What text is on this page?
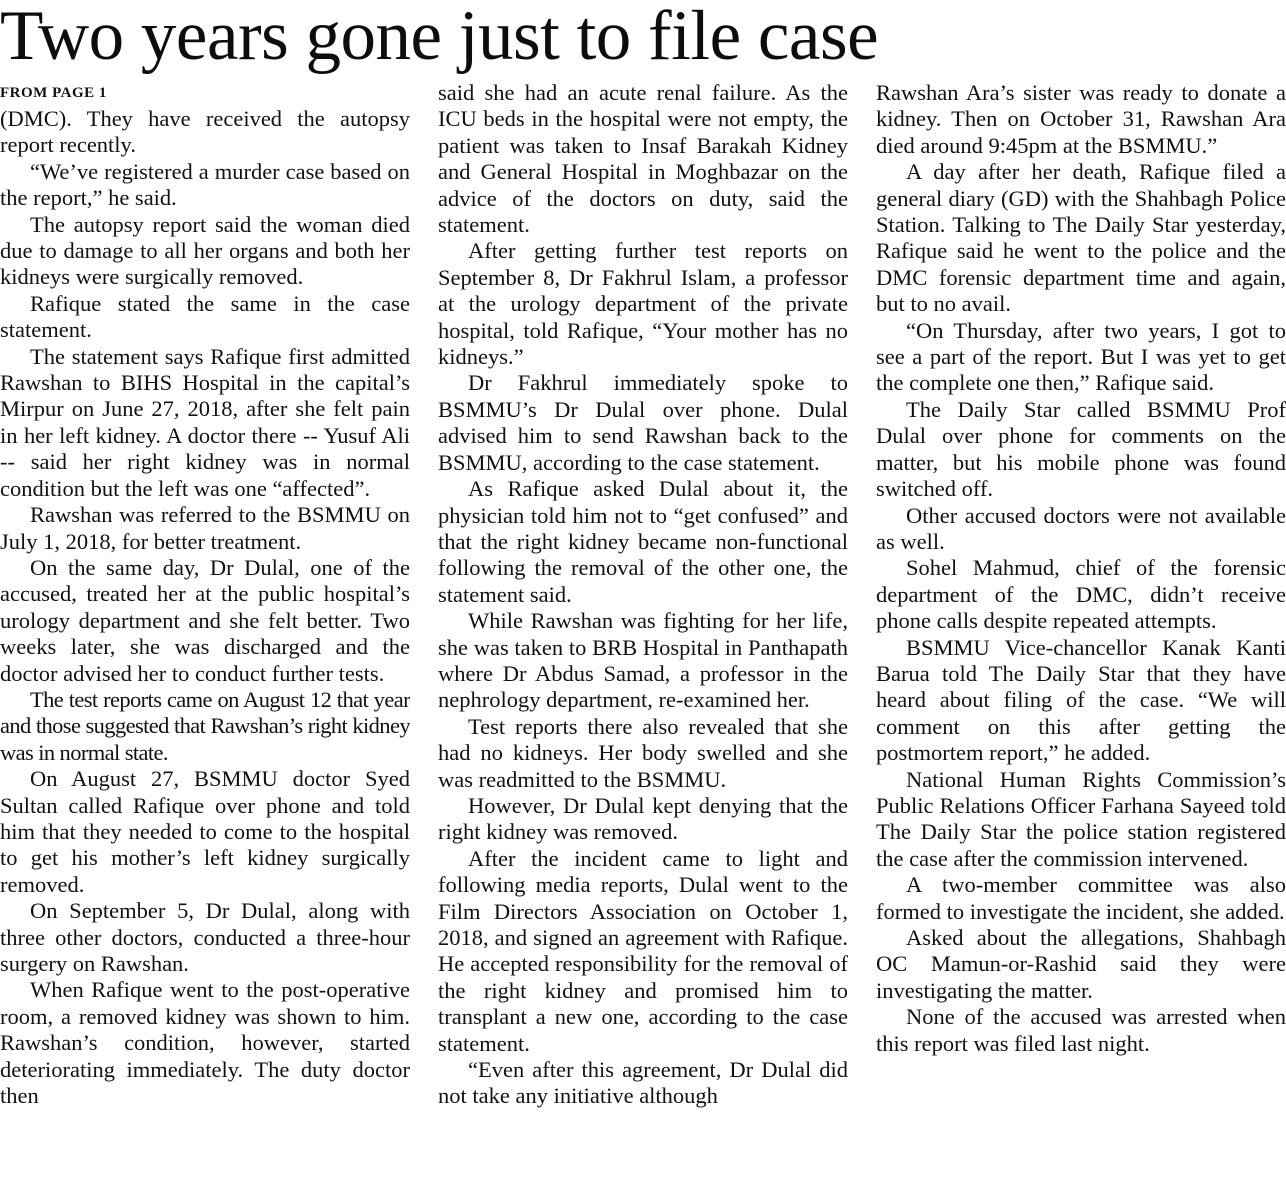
Two years gone just to file case
FROM PAGE 1

(DMC). They have received the autopsy report recently.

“We’ve registered a murder case based on the report,” he said.

The autopsy report said the woman died due to damage to all her organs and both her kidneys were surgically removed.

Rafique stated the same in the case statement.

The statement says Rafique first admitted Rawshan to BIHS Hospital in the capital’s Mirpur on June 27, 2018, after she felt pain in her left kidney. A doctor there -- Yusuf Ali -- said her right kidney was in normal condition but the left was one “affected”.

Rawshan was referred to the BSMMU on July 1, 2018, for better treatment.

On the same day, Dr Dulal, one of the accused, treated her at the public hospital’s urology department and she felt better. Two weeks later, she was discharged and the doctor advised her to conduct further tests.

The test reports came on August 12 that year and those suggested that Rawshan’s right kidney was in normal state.

On August 27, BSMMU doctor Syed Sultan called Rafique over phone and told him that they needed to come to the hospital to get his mother’s left kidney surgically removed.

On September 5, Dr Dulal, along with three other doctors, conducted a three-hour surgery on Rawshan.

When Rafique went to the post-operative room, a removed kidney was shown to him. Rawshan’s condition, however, started deteriorating immediately. The duty doctor then

said she had an acute renal failure. As the ICU beds in the hospital were not empty, the patient was taken to Insaf Barakah Kidney and General Hospital in Moghbazar on the advice of the doctors on duty, said the statement.

After getting further test reports on September 8, Dr Fakhrul Islam, a professor at the urology department of the private hospital, told Rafique, “Your mother has no kidneys.”

Dr Fakhrul immediately spoke to BSMMU’s Dr Dulal over phone. Dulal advised him to send Rawshan back to the BSMMU, according to the case statement.

As Rafique asked Dulal about it, the physician told him not to “get confused” and that the right kidney became non-functional following the removal of the other one, the statement said.

While Rawshan was fighting for her life, she was taken to BRB Hospital in Panthapath where Dr Abdus Samad, a professor in the nephrology department, re-examined her.

Test reports there also revealed that she had no kidneys. Her body swelled and she was readmitted to the BSMMU.

However, Dr Dulal kept denying that the right kidney was removed.

After the incident came to light and following media reports, Dulal went to the Film Directors Association on October 1, 2018, and signed an agreement with Rafique. He accepted responsibility for the removal of the right kidney and promised him to transplant a new one, according to the case statement.

“Even after this agreement, Dr Dulal did not take any initiative although

Rawshan Ara’s sister was ready to donate a kidney. Then on October 31, Rawshan Ara died around 9:45pm at the BSMMU.”

A day after her death, Rafique filed a general diary (GD) with the Shahbagh Police Station. Talking to The Daily Star yesterday, Rafique said he went to the police and the DMC forensic department time and again, but to no avail.

“On Thursday, after two years, I got to see a part of the report. But I was yet to get the complete one then,” Rafique said.

The Daily Star called BSMMU Prof Dulal over phone for comments on the matter, but his mobile phone was found switched off.

Other accused doctors were not available as well.

Sohel Mahmud, chief of the forensic department of the DMC, didn’t receive phone calls despite repeated attempts.

BSMMU Vice-chancellor Kanak Kanti Barua told The Daily Star that they have heard about filing of the case. “We will comment on this after getting the postmortem report,” he added.

National Human Rights Commission’s Public Relations Officer Farhana Sayeed told The Daily Star the police station registered the case after the commission intervened.

A two-member committee was also formed to investigate the incident, she added.

Asked about the allegations, Shahbagh OC Mamun-or-Rashid said they were investigating the matter.

None of the accused was arrested when this report was filed last night.
